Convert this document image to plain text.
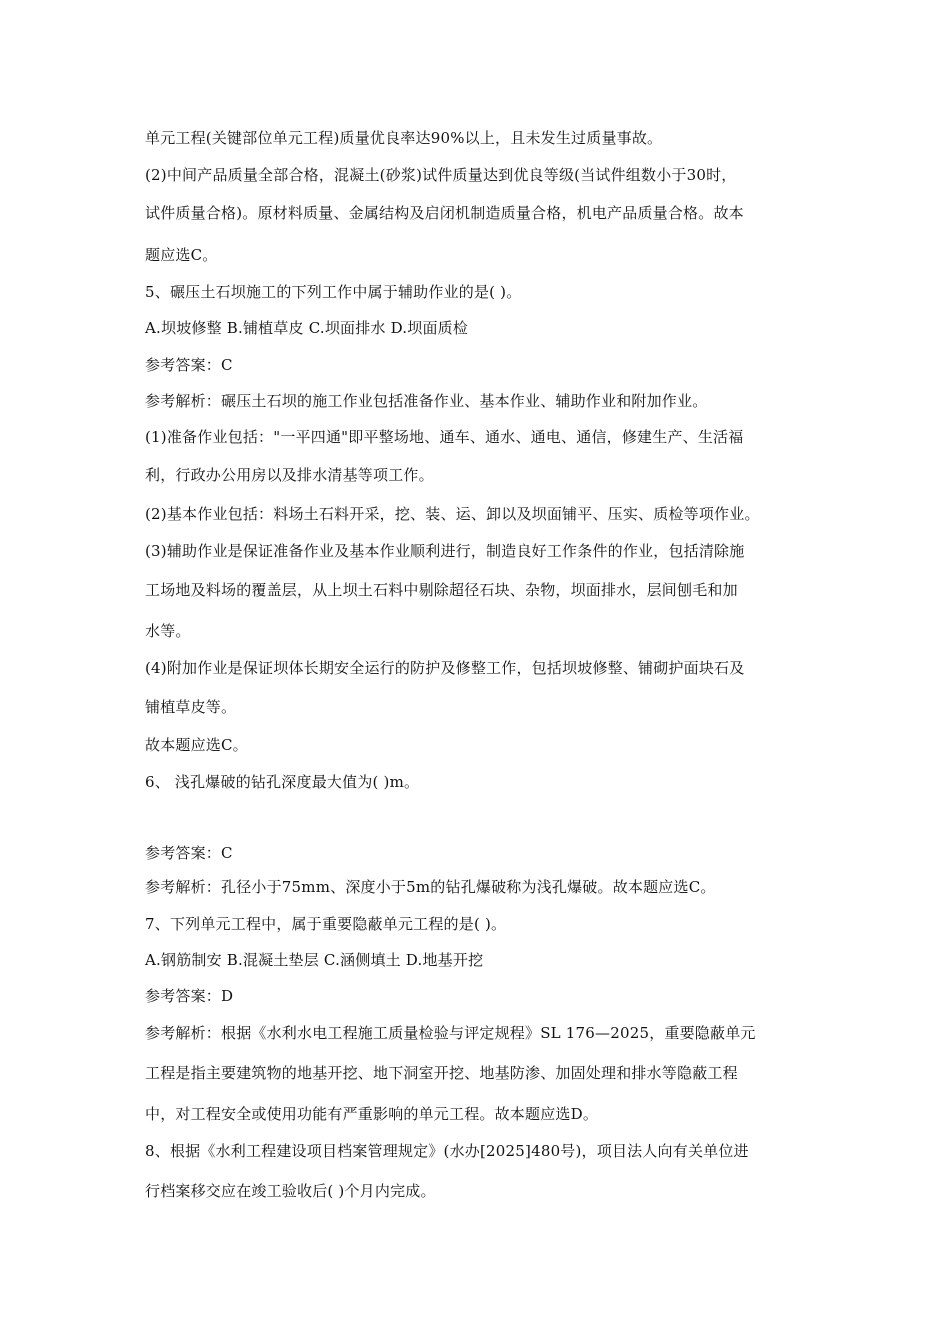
单元工程(关键部位单元工程)质量优良率达90%以上，且未发生过质量事故。
(2)中间产品质量全部合格，混凝土(砂浆)试件质量达到优良等级(当试件组数小于30时，
试件质量合格)。原材料质量、金属结构及启闭机制造质量合格，机电产品质量合格。故本
题应选C。
5、碾压土石坝施工的下列工作中属于辅助作业的是( )。
A.坝坡修整 B.铺植草皮 C.坝面排水 D.坝面质检
参考答案：C
参考解析：碾压土石坝的施工作业包括准备作业、基本作业、辅助作业和附加作业。
(1)准备作业包括："一平四通"即平整场地、通车、通水、通电、通信，修建生产、生活福
利，行政办公用房以及排水清基等项工作。
(2)基本作业包括：料场土石料开采，挖、装、运、卸以及坝面铺平、压实、质检等项作业。
(3)辅助作业是保证准备作业及基本作业顺利进行，制造良好工作条件的作业，包括清除施
工场地及料场的覆盖层，从上坝土石料中剔除超径石块、杂物，坝面排水，层间刨毛和加
水等。
(4)附加作业是保证坝体长期安全运行的防护及修整工作，包括坝坡修整、铺砌护面块石及
铺植草皮等。
故本题应选C。
6、 浅孔爆破的钻孔深度最大值为( )m。
参考答案：C
参考解析：孔径小于75mm、深度小于5m的钻孔爆破称为浅孔爆破。故本题应选C。
7、下列单元工程中，属于重要隐蔽单元工程的是( )。
A.钢筋制安 B.混凝土垫层 C.涵侧填土 D.地基开挖
参考答案：D
参考解析：根据《水利水电工程施工质量检验与评定规程》SL 176—2025，重要隐蔽单元
工程是指主要建筑物的地基开挖、地下洞室开挖、地基防渗、加固处理和排水等隐蔽工程
中，对工程安全或使用功能有严重影响的单元工程。故本题应选D。
8、根据《水利工程建设项目档案管理规定》(水办[2025]480号)，项目法人向有关单位进
行档案移交应在竣工验收后( )个月内完成。
